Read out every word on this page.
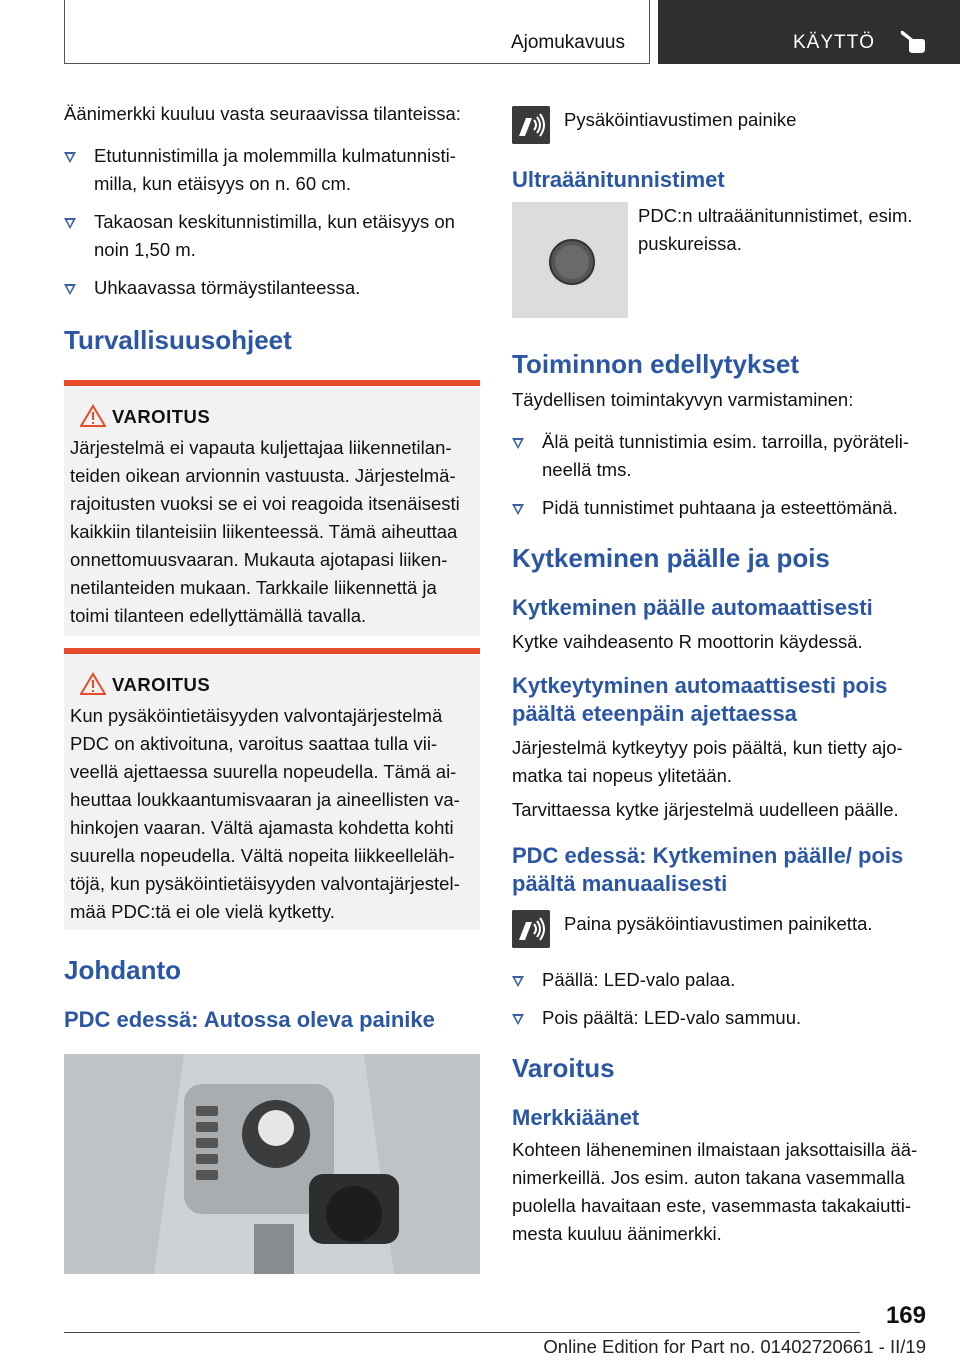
Ajomukavuus	KÄYTTÖ

Äänimerkki kuuluu vasta seuraavissa tilanteissa:

Etutunnistimilla ja molemmilla kulmatunnisti‐milla, kun etäisyys on n. 60 cm.
Takaosan keskitunnistimilla, kun etäisyys on noin 1,50 m.
Uhkaavassa törmäystilanteessa.
Turvallisuusohjeet
VAROITUS

Järjestelmä ei vapauta kuljettajaa liikennetilan‐teiden oikean arvionnin vastuusta. Järjestelmä‐rajoitusten vuoksi se ei voi reagoida itsenäisesti kaikkiin tilanteisiin liikenteessä. Tämä aiheuttaa onnettomuusvaaran. Mukauta ajotapasi liiken‐netilanteiden mukaan. Tarkkaile liikennettä ja toimi tilanteen edellyttämällä tavalla.

VAROITUS

Kun pysäköintietäisyyden valvontajärjestelmä PDC on aktivoituna, varoitus saattaa tulla vii‐veellä ajettaessa suurella nopeudella. Tämä ai‐heuttaa loukkaantumisvaaran ja aineellisten va‐hinkojen vaaran. Vältä ajamasta kohdetta kohti suurella nopeudella. Vältä nopeita liikkeelleläh‐töjä, kun pysäköintietäisyyden valvontajärjestel‐mää PDC:tä ei ole vielä kytketty.

Johdanto
PDC edessä: Autossa oleva painike
Pysäköintiavustimen painike
Ultraäänitunnistimet

PDC:n ultraäänitunnistimet, esim. puskureissa.

Toiminnon edellytykset

Täydellisen toimintakyvyn varmistaminen:

Älä peitä tunnistimia esim. tarroilla, pyöräteli‐neellä tms.
Pidä tunnistimet puhtaana ja esteettömänä.
Kytkeminen päälle ja pois
Kytkeminen päälle automaattisesti

Kytke vaihdeasento R moottorin käydessä.

Kytkeytyminen automaattisesti pois päältä eteenpäin ajettaessa

Järjestelmä kytkeytyy pois päältä, kun tietty ajo‐matka tai nopeus ylitetään.

Tarvittaessa kytke järjestelmä uudelleen päälle.

PDC edessä: Kytkeminen päälle/ pois päältä manuaalisesti
Paina pysäköintiavustimen painiketta.
Päällä: LED-valo palaa.
Pois päältä: LED-valo sammuu.
Varoitus
Merkkiäänet

Kohteen läheneminen ilmaistaan jaksottaisilla ää‐nimerkeillä. Jos esim. auton takana vasemmalla puolella havaitaan este, vasemmasta takakaiutti‐mesta kuuluu äänimerkki.

169
Online Edition for Part no. 01402720661 - II/19
